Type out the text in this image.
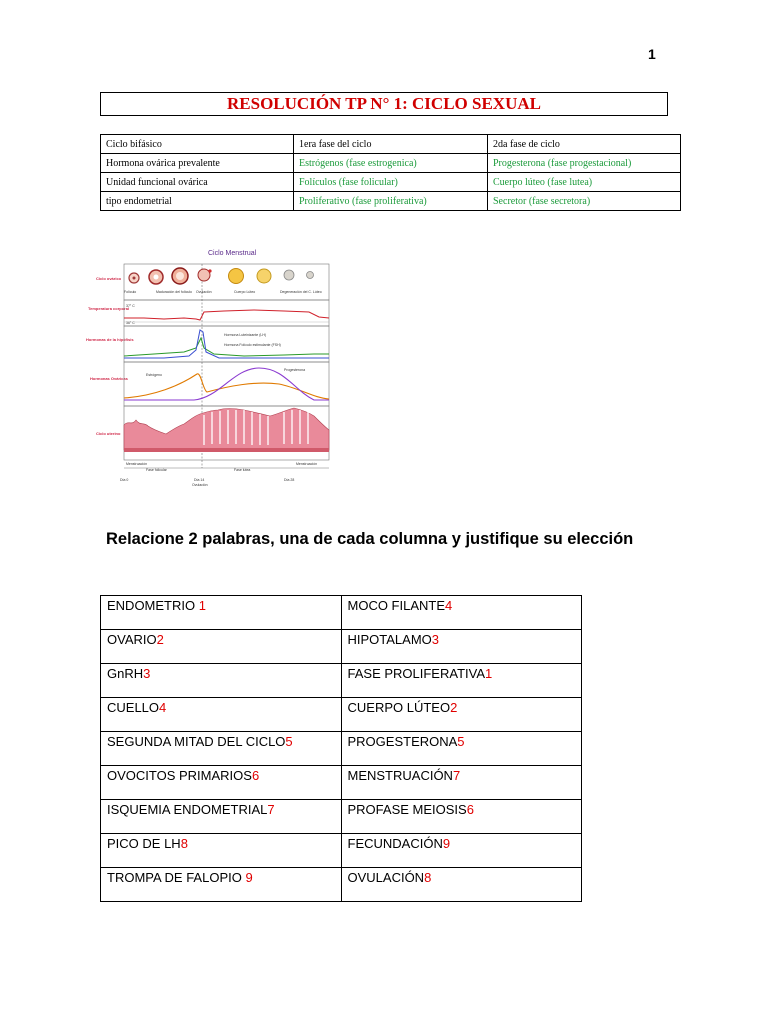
1
RESOLUCIÓN TP N° 1: CICLO SEXUAL
Ciclo bifásico	1era fase del ciclo	2da fase de ciclo
Hormona ovárica prevalente	Estrógenos (fase estrogenica)	Progesterona (fase progestacional)
Unidad funcional ovárica	Folículos (fase folicular)	Cuerpo lúteo (fase lutea)
tipo endometrial	Proliferativo (fase proliferativa)	Secretor (fase secretora)
Ciclo Menstrual
Ciclo ovárico
Temperatura corporal
Hormonas de la hipófisis
Hormonas Ováricas
Ciclo uterino
Folículo	Maduración del folículo Ovulación	Cuerpo Lúteo	Degeneración del C. Lúteo
37° C
36° C
Hormona Luteinizante (LH)
Hormona Folículo estimulante (FSH)
Estrógeno
Progesterona
Menstruación	Menstruación
Fase folicular	Fase lutea
Día 0	Día 14
Ovulación
Día 28
Relacione 2 palabras, una de cada columna y justifique su elección
ENDOMETRIO 1	MOCO FILANTE4
OVARIO2	HIPOTALAMO3
GnRH3	FASE PROLIFERATIVA1
CUELLO4	CUERPO LÚTEO2
SEGUNDA MITAD DEL CICLO5	PROGESTERONA5
OVOCITOS PRIMARIOS6	MENSTRUACIÓN7
ISQUEMIA ENDOMETRIAL7	PROFASE MEIOSIS6
PICO DE LH8	FECUNDACIÓN9
TROMPA DE FALOPIO 9	OVULACIÓN8
